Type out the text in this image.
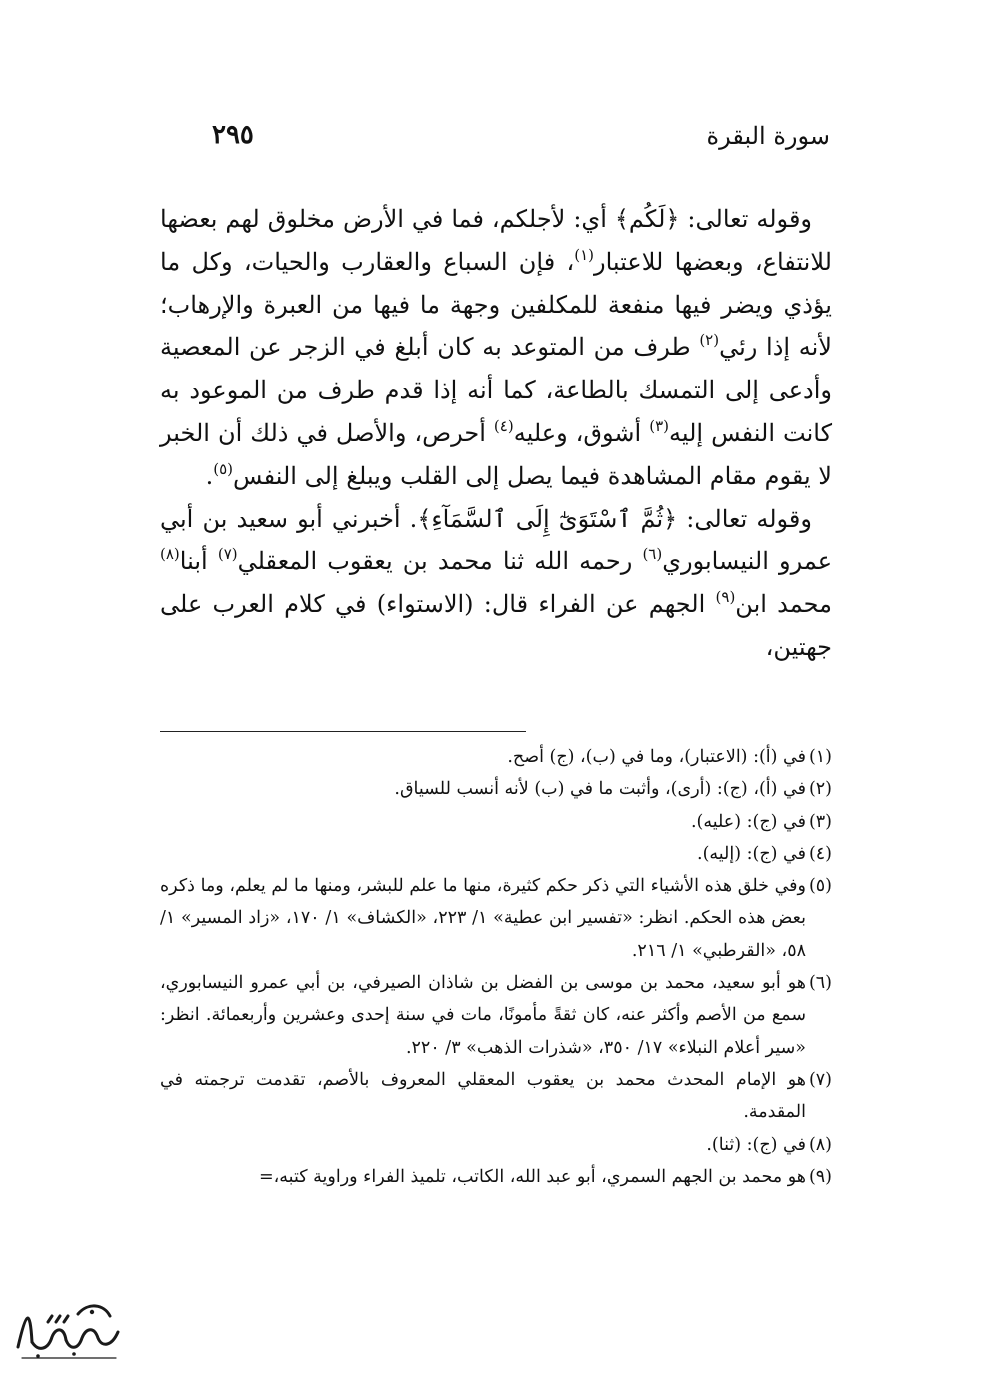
سورة البقرة
٢٩٥

وقوله تعالى: ﴿لَكُم﴾ أي: لأجلكم، فما في الأرض مخلوق لهم بعضها للانتفاع، وبعضها للاعتبار$^{(١)}$، فإن السباع والعقارب والحيات، وكل ما يؤذي ويضر فيها منفعة للمكلفين وجهة ما فيها من العبرة والإرهاب؛ لأنه إذا رئي$^{(٢)}$ طرف من المتوعد به كان أبلغ في الزجر عن المعصية وأدعى إلى التمسك بالطاعة، كما أنه إذا قدم طرف من الموعود به كانت النفس إليه$^{(٣)}$ أشوق، وعليه$^{(٤)}$ أحرص، والأصل في ذلك أن الخبر لا يقوم مقام المشاهدة فيما يصل إلى القلب ويبلغ إلى النفس$^{(٥)}$.

وقوله تعالى: ﴿ثُمَّ ٱسْتَوَىٰٓ إِلَى ٱلسَّمَآءِ﴾. أخبرني أبو سعيد بن أبي عمرو النيسابوري$^{(٦)}$ رحمه الله ثنا محمد بن يعقوب المعقلي$^{(٧)}$ أبنا$^{(٨)}$ محمد ابن$^{(٩)}$ الجهم عن الفراء قال: (الاستواء) في كلام العرب على جهتين،

(١)في (أ): (الاعتبار)، وما في (ب)، (ج) أصح.
(٢)في (أ)، (ج): (أرى)، وأثبت ما في (ب) لأنه أنسب للسياق.
(٣)في (ج): (عليه).
(٤)في (ج): (إليه).
(٥)وفي خلق هذه الأشياء التي ذكر حكم كثيرة، منها ما علم للبشر، ومنها ما لم يعلم، وما ذكره بعض هذه الحكم. انظر: «تفسير ابن عطية» ١/ ٢٢٣، «الكشاف» ١/ ١٧٠، «زاد المسير» ١/ ٥٨، «القرطبي» ١/ ٢١٦.
(٦)هو أبو سعيد، محمد بن موسى بن الفضل بن شاذان الصيرفي، بن أبي عمرو النيسابوري، سمع من الأصم وأكثر عنه، كان ثقةً مأمونًا، مات في سنة إحدى وعشرين وأربعمائة. انظر: «سير أعلام النبلاء» ١٧/ ٣٥٠، «شذرات الذهب» ٣/ ٢٢٠.
(٧)هو الإمام المحدث محمد بن يعقوب المعقلي المعروف بالأصم، تقدمت ترجمته في المقدمة.
(٨)في (ج): (ثنا).
(٩)هو محمد بن الجهم السمري، أبو عبد الله، الكاتب، تلميذ الفراء وراوية كتبه،=
